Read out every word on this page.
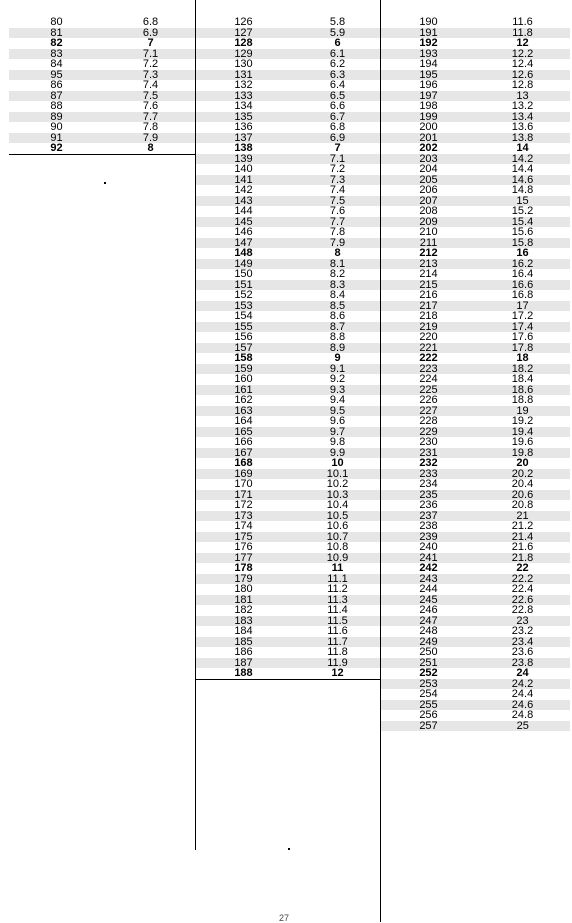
80	6.8
81	6.9
82	7
83	7.1
84	7.2
95	7.3
86	7.4
87	7.5
88	7.6
89	7.7
90	7.8
91	7.9
92	8
126	5.8
127	5.9
128	6
129	6.1
130	6.2
131	6.3
132	6.4
133	6.5
134	6.6
135	6.7
136	6.8
137	6.9
138	7
139	7.1
140	7.2
141	7.3
142	7.4
143	7.5
144	7.6
145	7.7
146	7.8
147	7.9
148	8
149	8.1
150	8.2
151	8.3
152	8.4
153	8.5
154	8.6
155	8.7
156	8.8
157	8.9
158	9
159	9.1
160	9.2
161	9.3
162	9.4
163	9.5
164	9.6
165	9.7
166	9.8
167	9.9
168	10
169	10.1
170	10.2
171	10.3
172	10.4
173	10.5
174	10.6
175	10.7
176	10.8
177	10.9
178	11
179	11.1
180	11.2
181	11.3
182	11.4
183	11.5
184	11.6
185	11.7
186	11.8
187	11.9
188	12
190	11.6
191	11.8
192	12
193	12.2
194	12.4
195	12.6
196	12.8
197	13
198	13.2
199	13.4
200	13.6
201	13.8
202	14
203	14.2
204	14.4
205	14.6
206	14.8
207	15
208	15.2
209	15.4
210	15.6
211	15.8
212	16
213	16.2
214	16.4
215	16.6
216	16.8
217	17
218	17.2
219	17.4
220	17.6
221	17.8
222	18
223	18.2
224	18.4
225	18.6
226	18.8
227	19
228	19.2
229	19.4
230	19.6
231	19.8
232	20
233	20.2
234	20.4
235	20.6
236	20.8
237	21
238	21.2
239	21.4
240	21.6
241	21.8
242	22
243	22.2
244	22.4
245	22.6
246	22.8
247	23
248	23.2
249	23.4
250	23.6
251	23.8
252	24
253	24.2
254	24.4
255	24.6
256	24.8
257	25
27
